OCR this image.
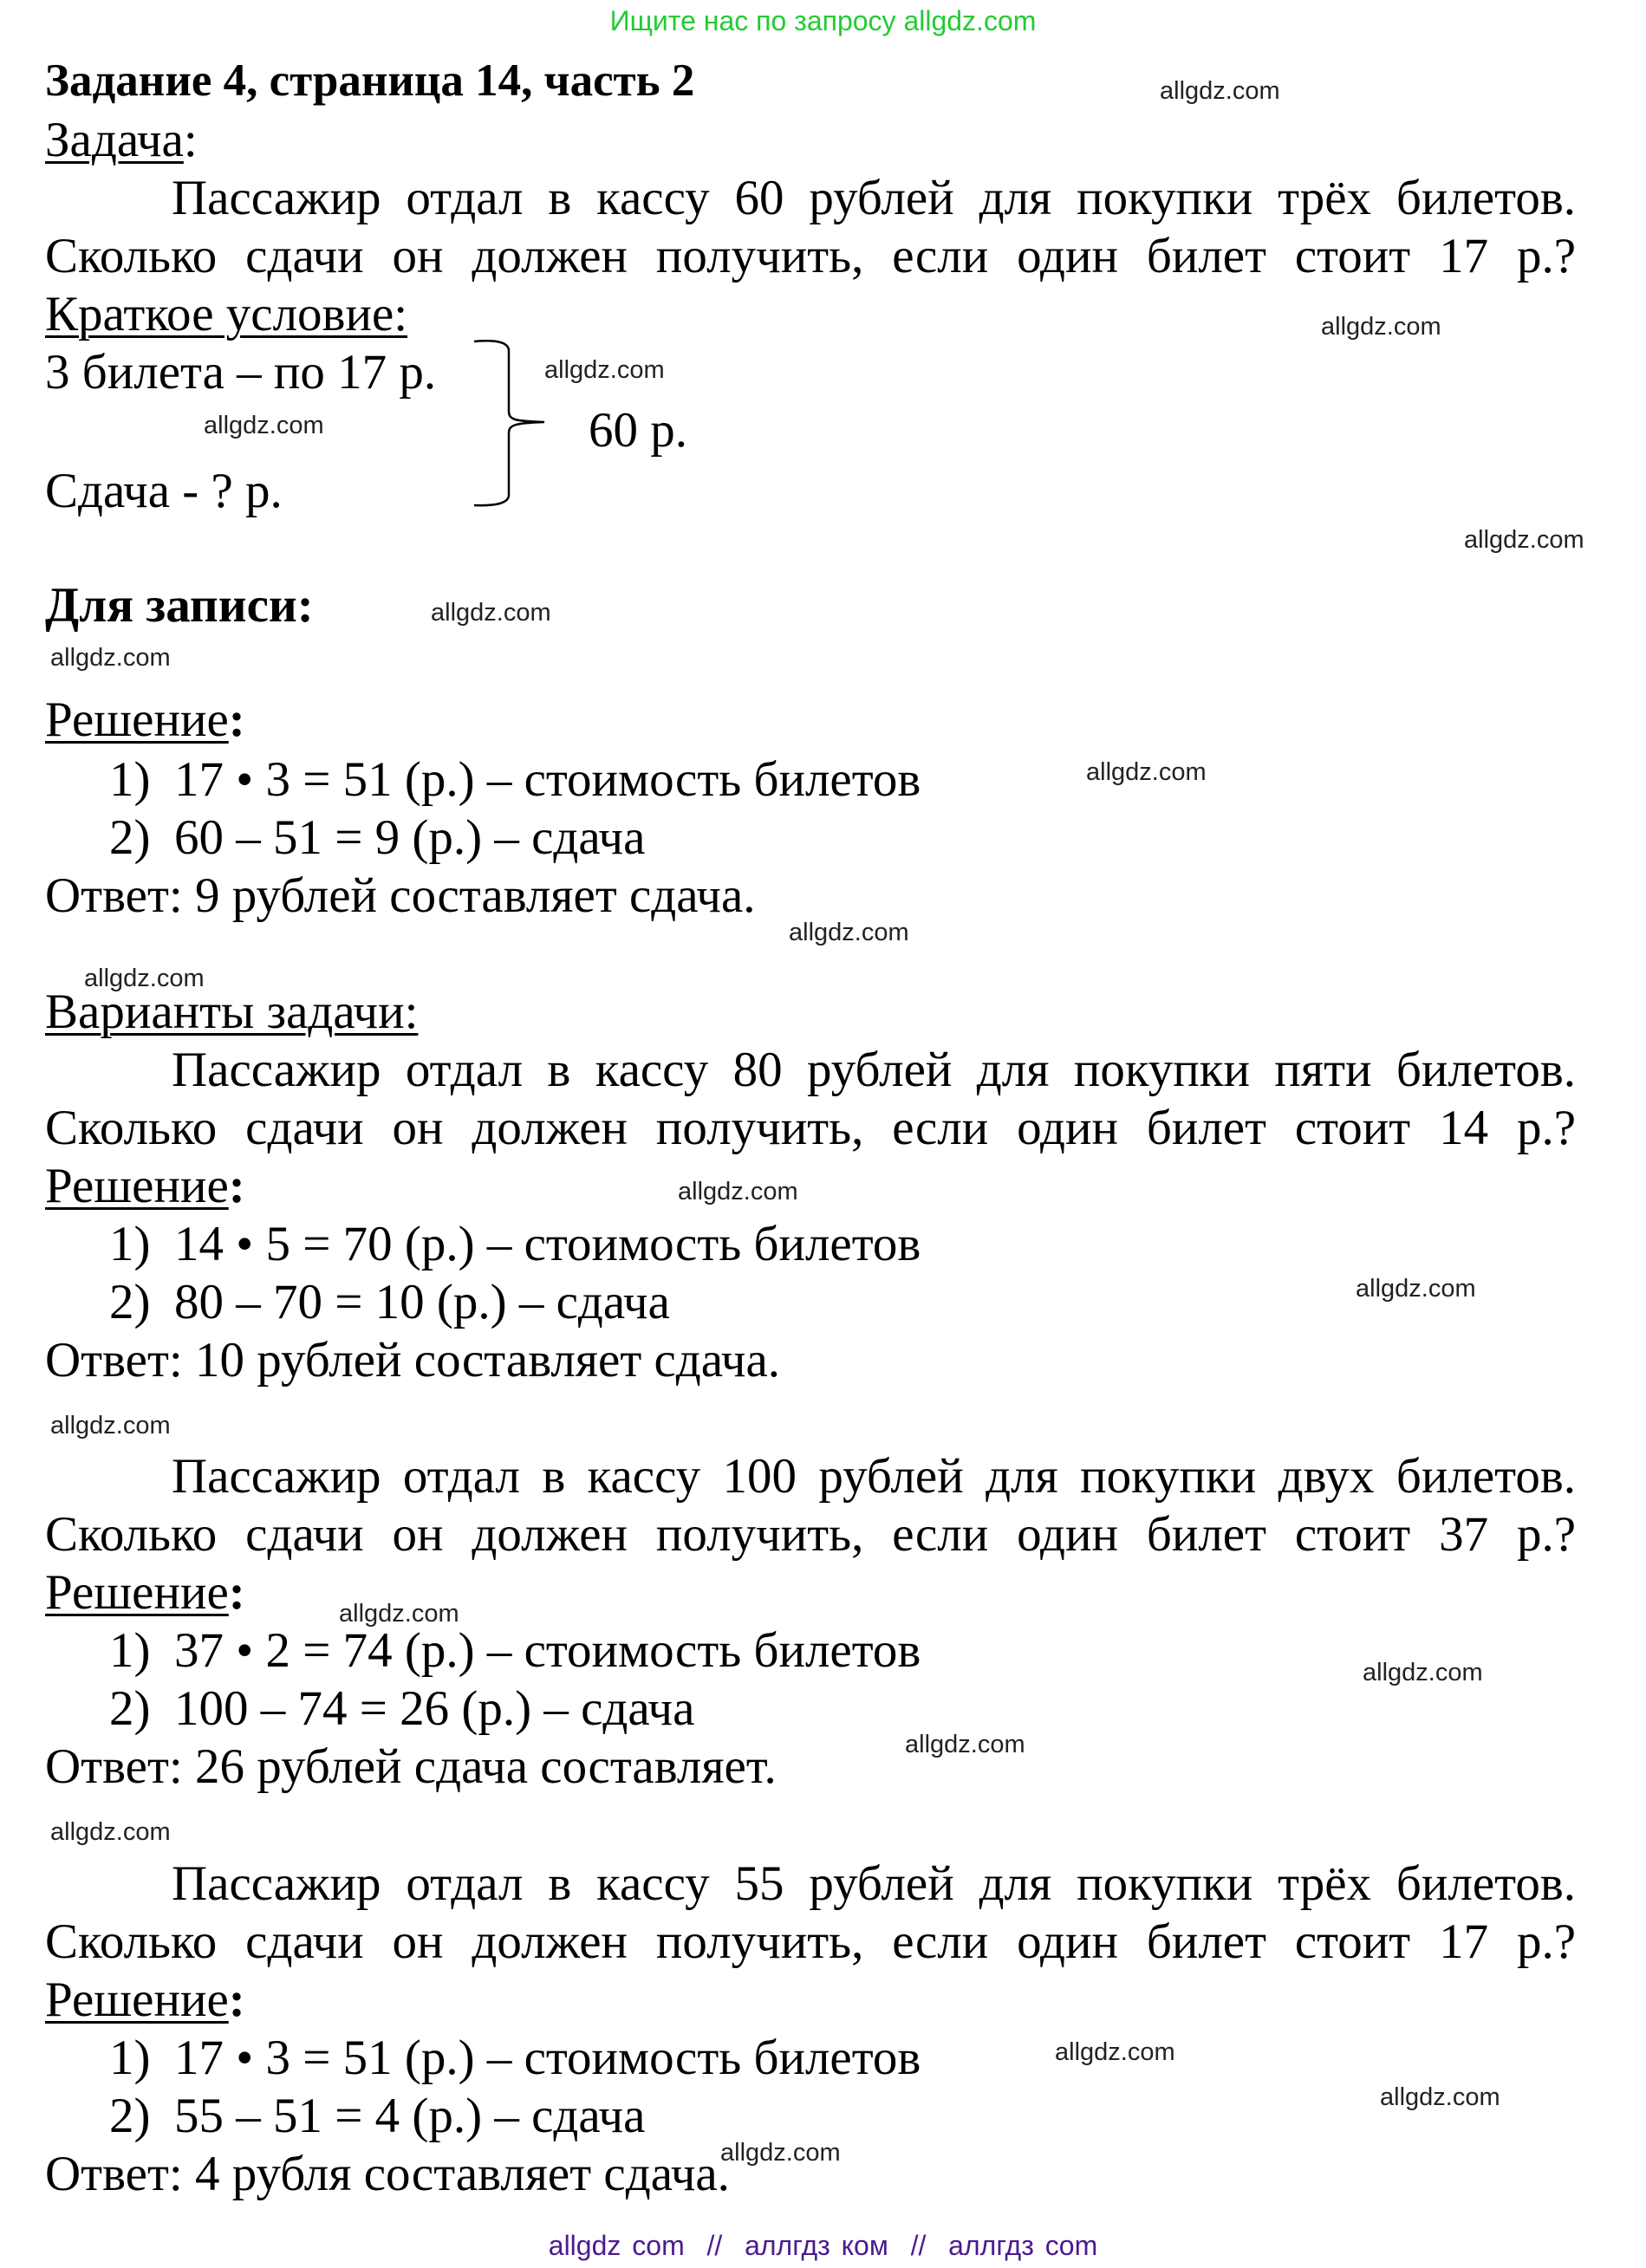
Ищите нас по запросу allgdz.com
Задание 4, страница 14, часть 2
Задача:
Пассажир отдал в кассу 60 рублей для покупки трёх билетов. Сколько сдачи он должен получить, если один билет стоит 17 р.?
Краткое условие:
3 билета – по 17 р.
Сдача - ? р.
60 р.
Для записи:
Решение:
1) 17 • 3 = 51 (р.) – стоимость билетов
2) 60 – 51 = 9 (р.) – сдача
Ответ: 9 рублей составляет сдача.
Варианты задачи:
Пассажир отдал в кассу 80 рублей для покупки пяти билетов. Сколько сдачи он должен получить, если один билет стоит 14 р.?
Решение:
1) 14 • 5 = 70 (р.) – стоимость билетов
2) 80 – 70 = 10 (р.) – сдача
Ответ: 10 рублей составляет сдача.
Пассажир отдал в кассу 100 рублей для покупки двух билетов. Сколько сдачи он должен получить, если один билет стоит 37 р.?
Решение:
1) 37 • 2 = 74 (р.) – стоимость билетов
2) 100 – 74 = 26 (р.) – сдача
Ответ: 26 рублей сдача составляет.
Пассажир отдал в кассу 55 рублей для покупки трёх билетов. Сколько сдачи он должен получить, если один билет стоит 17 р.?
Решение:
1) 17 • 3 = 51 (р.) – стоимость билетов
2) 55 – 51 = 4 (р.) – сдача
Ответ: 4 рубля составляет сдача.
allgdz.com
allgdz.com
allgdz.com
allgdz.com
allgdz.com
allgdz.com
allgdz.com
allgdz.com
allgdz.com
allgdz.com
allgdz.com
allgdz.com
allgdz.com
allgdz.com
allgdz.com
allgdz.com
allgdz.com
allgdz.com
allgdz.com
allgdz.com
allgdz com  //  аллгдз ком  //  аллгдз com
